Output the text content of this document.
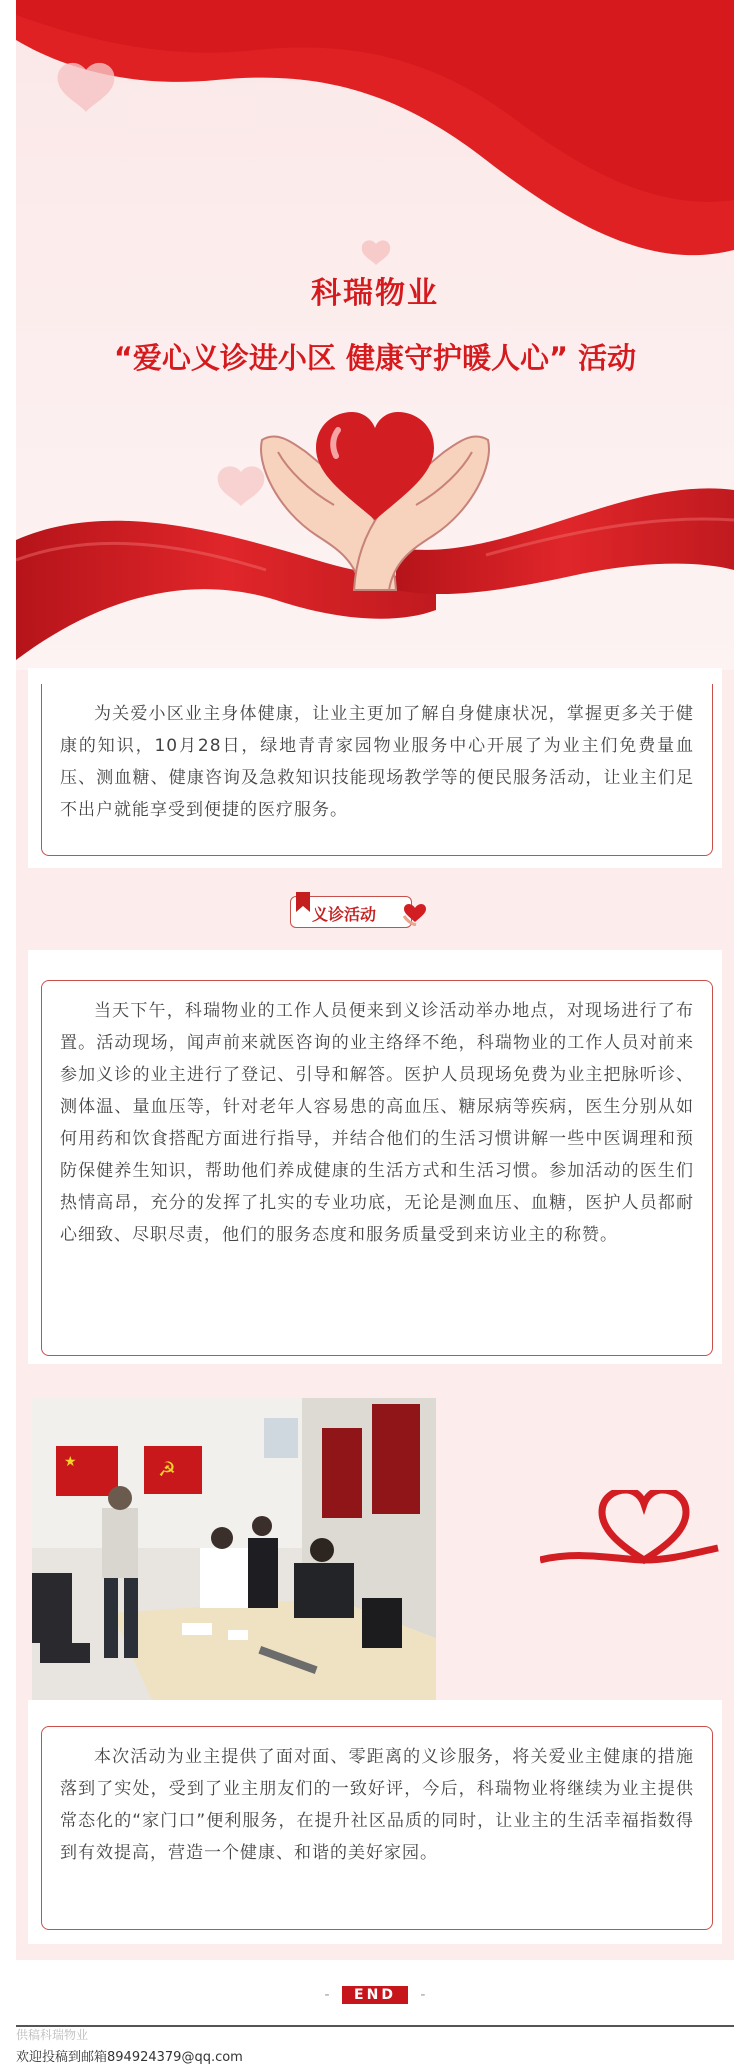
科瑞物业
“爱心义诊进小区 健康守护暖人心” 活动

为关爱小区业主身体健康，让业主更加了解自身健康状况，掌握更多关于健康的知识，10月28日，绿地青青家园物业服务中心开展了为业主们免费量血压、测血糖、健康咨询及急救知识技能现场教学等的便民服务活动，让业主们足不出户就能享受到便捷的医疗服务。

义诊活动

当天下午，科瑞物业的工作人员便来到义诊活动举办地点，对现场进行了布置。活动现场，闻声前来就医咨询的业主络绎不绝，科瑞物业的工作人员对前来参加义诊的业主进行了登记、引导和解答。医护人员现场免费为业主把脉听诊、测体温、量血压等，针对老年人容易患的高血压、糖尿病等疾病，医生分别从如何用药和饮食搭配方面进行指导，并结合他们的生活习惯讲解一些中医调理和预防保健养生知识，帮助他们养成健康的生活方式和生活习惯。参加活动的医生们热情高昂，充分的发挥了扎实的专业功底，无论是测血压、血糖，医护人员都耐心细致、尽职尽责，他们的服务态度和服务质量受到来访业主的称赞。

★	☭

本次活动为业主提供了面对面、零距离的义诊服务，将关爱业主健康的措施落到了实处，受到了业主朋友们的一致好评，今后，科瑞物业将继续为业主提供常态化的“家门口”便利服务，在提升社区品质的同时，让业主的生活幸福指数得到有效提高，营造一个健康、和谐的美好家园。

- END -
供稿科瑞物业
欢迎投稿到邮箱894924379@qq.com
